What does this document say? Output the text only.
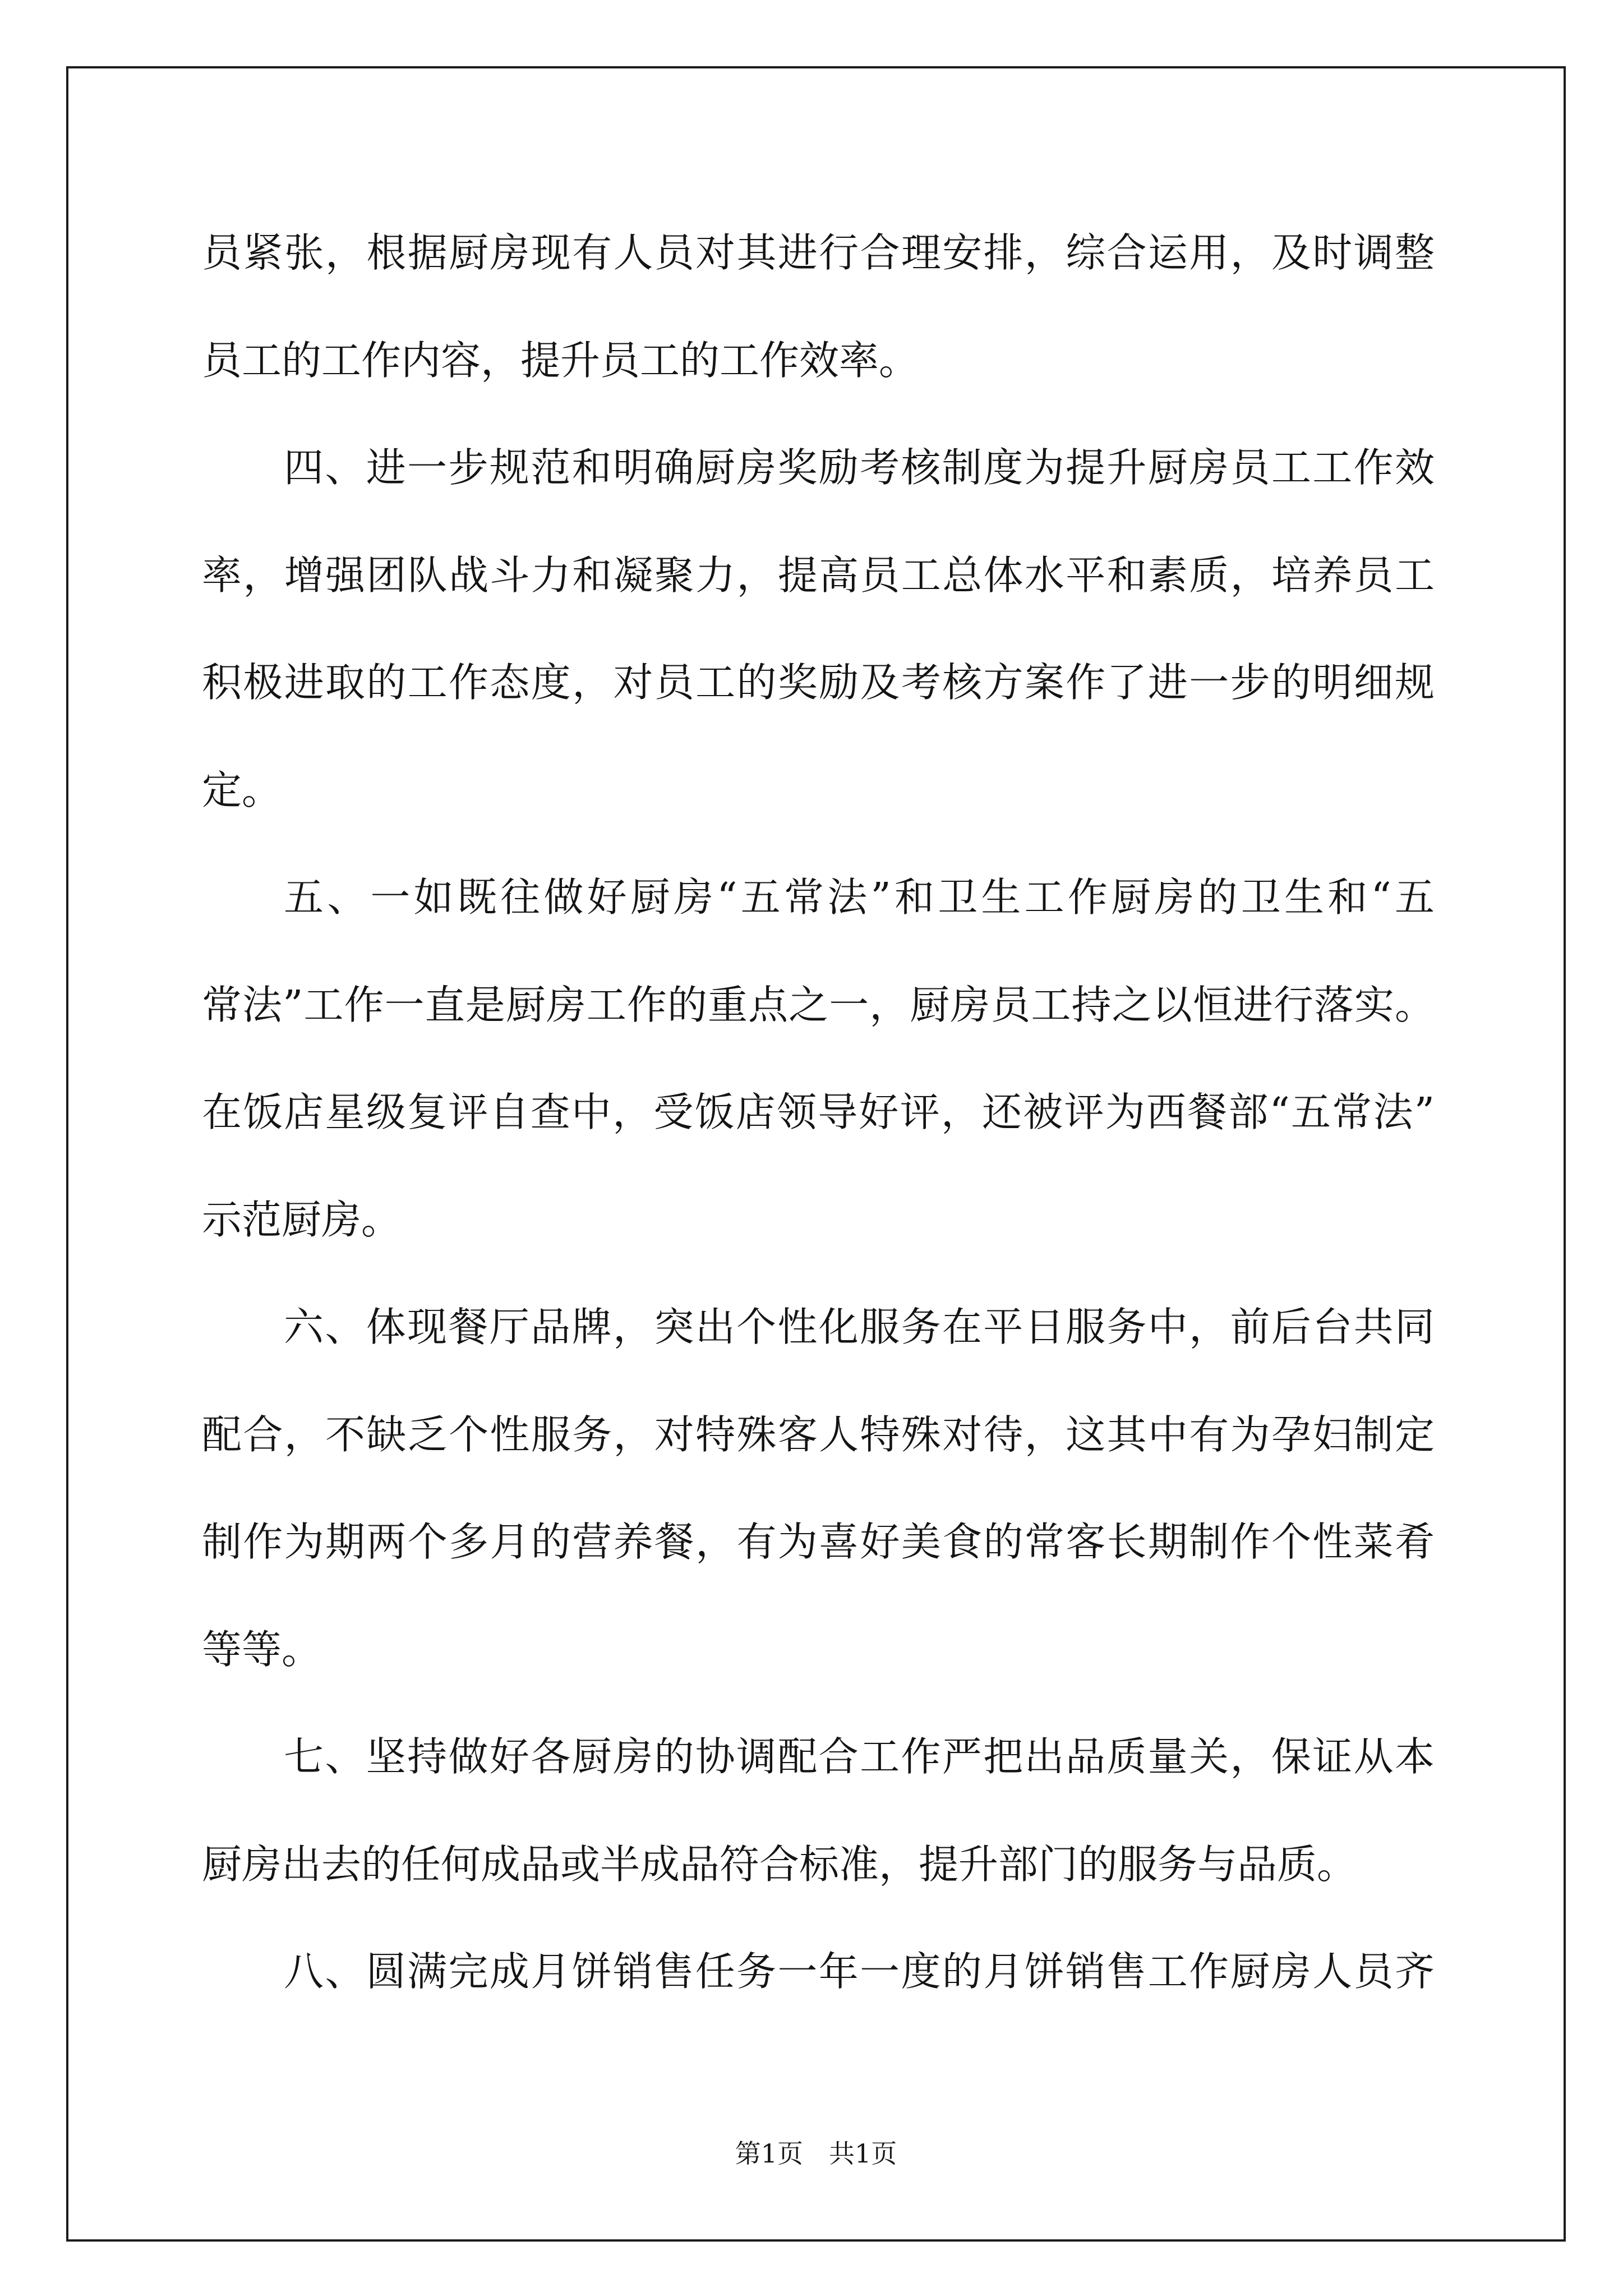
员紧张，根据厨房现有人员对其进行合理安排，综合运用，及时调整
员工的工作内容，提升员工的工作效率。
四、进一步规范和明确厨房奖励考核制度为提升厨房员工工作效
率，增强团队战斗力和凝聚力，提高员工总体水平和素质，培养员工
积极进取的工作态度，对员工的奖励及考核方案作了进一步的明细规
定。
五、一如既往做好厨房“五常法”和卫生工作厨房的卫生和“五
常法”工作一直是厨房工作的重点之一，厨房员工持之以恒进行落实。
在饭店星级复评自查中，受饭店领导好评，还被评为西餐部“五常法”
示范厨房。
六、体现餐厅品牌，突出个性化服务在平日服务中，前后台共同
配合，不缺乏个性服务，对特殊客人特殊对待，这其中有为孕妇制定
制作为期两个多月的营养餐，有为喜好美食的常客长期制作个性菜肴
等等。
七、坚持做好各厨房的协调配合工作严把出品质量关，保证从本
厨房出去的任何成品或半成品符合标准，提升部门的服务与品质。
八、圆满完成月饼销售任务一年一度的月饼销售工作厨房人员齐
第1页 共1页
